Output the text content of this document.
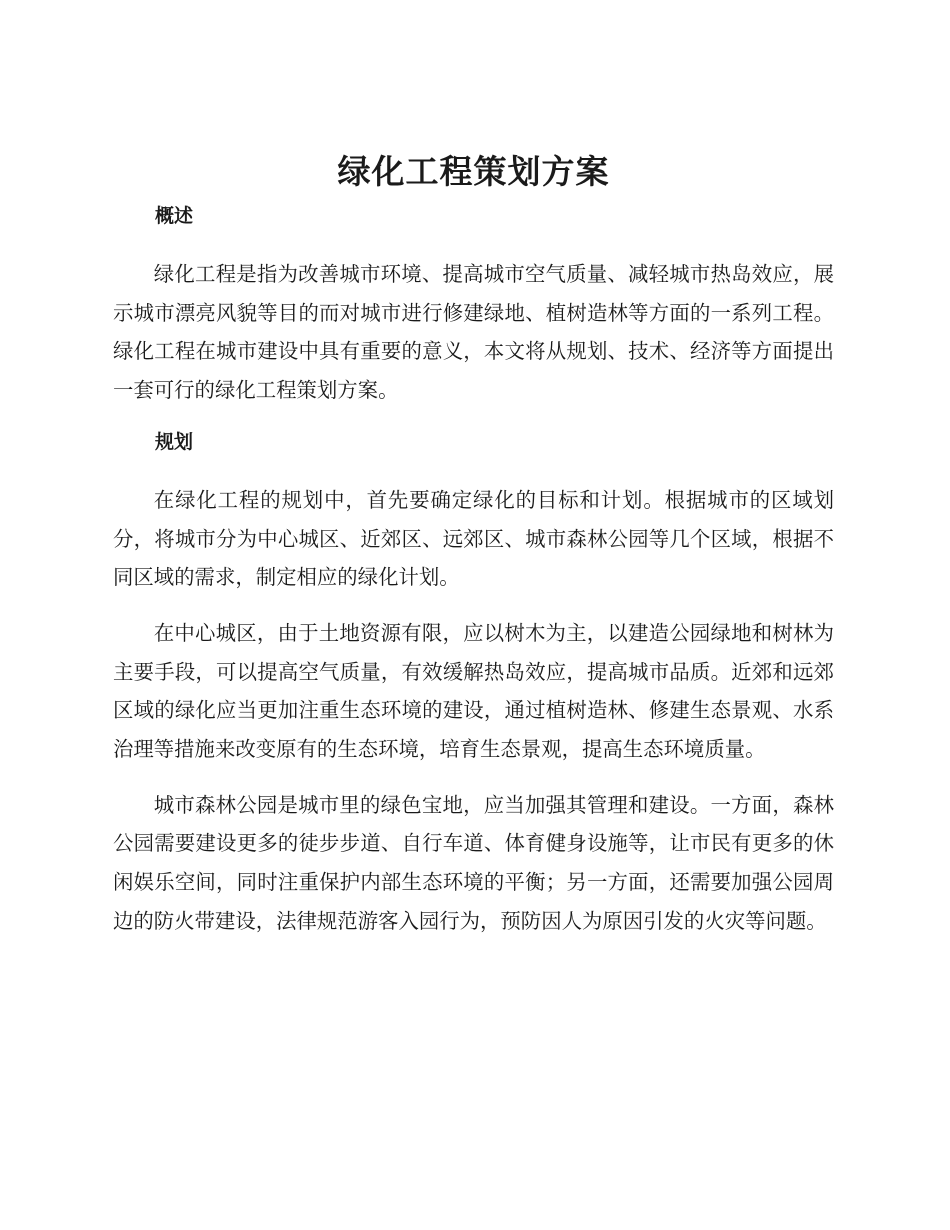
绿化工程策划方案
概述

绿化工程是指为改善城市环境、提高城市空气质量、减轻城市热岛效应，展示城市漂亮风貌等目的而对城市进行修建绿地、植树造林等方面的一系列工程。绿化工程在城市建设中具有重要的意义，本文将从规划、技术、经济等方面提出一套可行的绿化工程策划方案。

规划

在绿化工程的规划中，首先要确定绿化的目标和计划。根据城市的区域划分，将城市分为中心城区、近郊区、远郊区、城市森林公园等几个区域，根据不同区域的需求，制定相应的绿化计划。

在中心城区，由于土地资源有限，应以树木为主，以建造公园绿地和树林为主要手段，可以提高空气质量，有效缓解热岛效应，提高城市品质。近郊和远郊区域的绿化应当更加注重生态环境的建设，通过植树造林、修建生态景观、水系治理等措施来改变原有的生态环境，培育生态景观，提高生态环境质量。

城市森林公园是城市里的绿色宝地，应当加强其管理和建设。一方面，森林公园需要建设更多的徒步步道、自行车道、体育健身设施等，让市民有更多的休闲娱乐空间，同时注重保护内部生态环境的平衡；另一方面，还需要加强公园周边的防火带建设，法律规范游客入园行为，预防因人为原因引发的火灾等问题。
